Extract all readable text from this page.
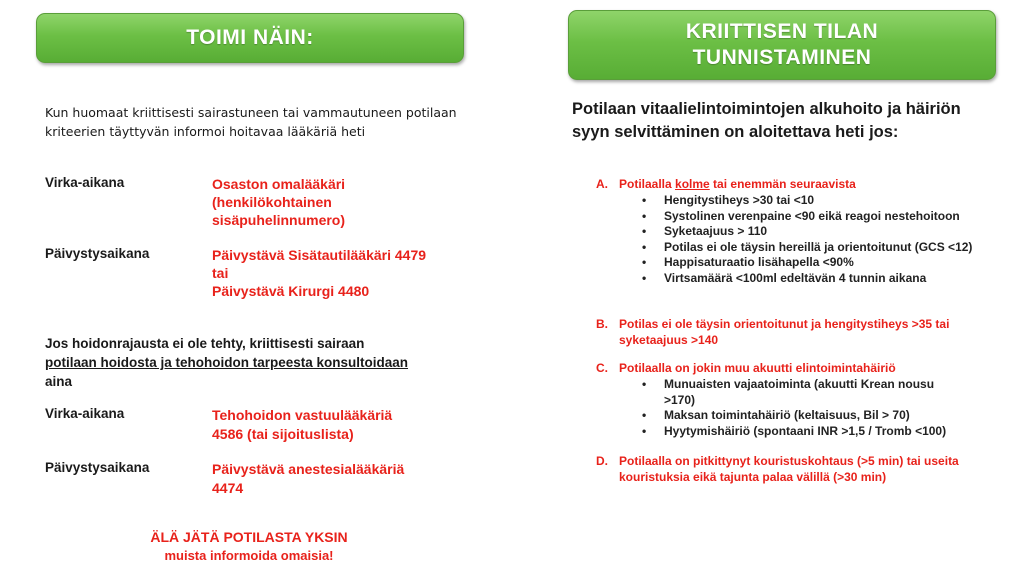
TOIMI NÄIN:
Kun huomaat kriittisesti sairastuneen tai vammautuneen potilaan kriteerien täyttyvän informoi hoitavaa lääkäriä heti
Virka-aikana	Osaston omalääkäri
(henkilökohtainen
sisäpuhelinnumero)
Päivystysaikana	Päivystävä Sisätautilääkäri 4479
tai
Päivystävä Kirurgi 4480
Jos hoidonrajausta ei ole tehty, kriittisesti sairaan
potilaan hoidosta ja tehohoidon tarpeesta konsultoidaan
aina
Virka-aikana	Tehohoidon vastuulääkäriä
4586 (tai sijoituslista)
Päivystysaikana	Päivystävä anestesialääkäriä
4474
ÄLÄ JÄTÄ POTILASTA YKSIN
muista informoida omaisia!
KRIITTISEN TILAN
TUNNISTAMINEN
Potilaan vitaalielintoimintojen alkuhoito ja häiriön syyn selvittäminen on aloitettava heti jos:
A. Potilaalla kolme tai enemmän seuraavista
• Hengitystiheys >30 tai <10
• Systolinen verenpaine <90 eikä reagoi nestehoitoon
• Syketaajuus > 110
• Potilas ei ole täysin hereillä ja orientoitunut (GCS <12)
• Happisaturaatio lisähapella <90%
• Virtsamäärä <100ml edeltävän 4 tunnin aikana
B. Potilas ei ole täysin orientoitunut ja hengitystiheys >35 tai syketaajuus >140
C. Potilaalla on jokin muu akuutti elintoimintahäiriö
• Munuaisten vajaatoiminta (akuutti Krean nousu >170)
• Maksan toimintahäiriö (keltaisuus, Bil > 70)
• Hyytymishäiriö (spontaani INR >1,5 / Tromb <100)
D. Potilaalla on pitkittynyt kouristuskohtaus (>5 min) tai useita kouristuksia eikä tajunta palaa välillä (>30 min)
